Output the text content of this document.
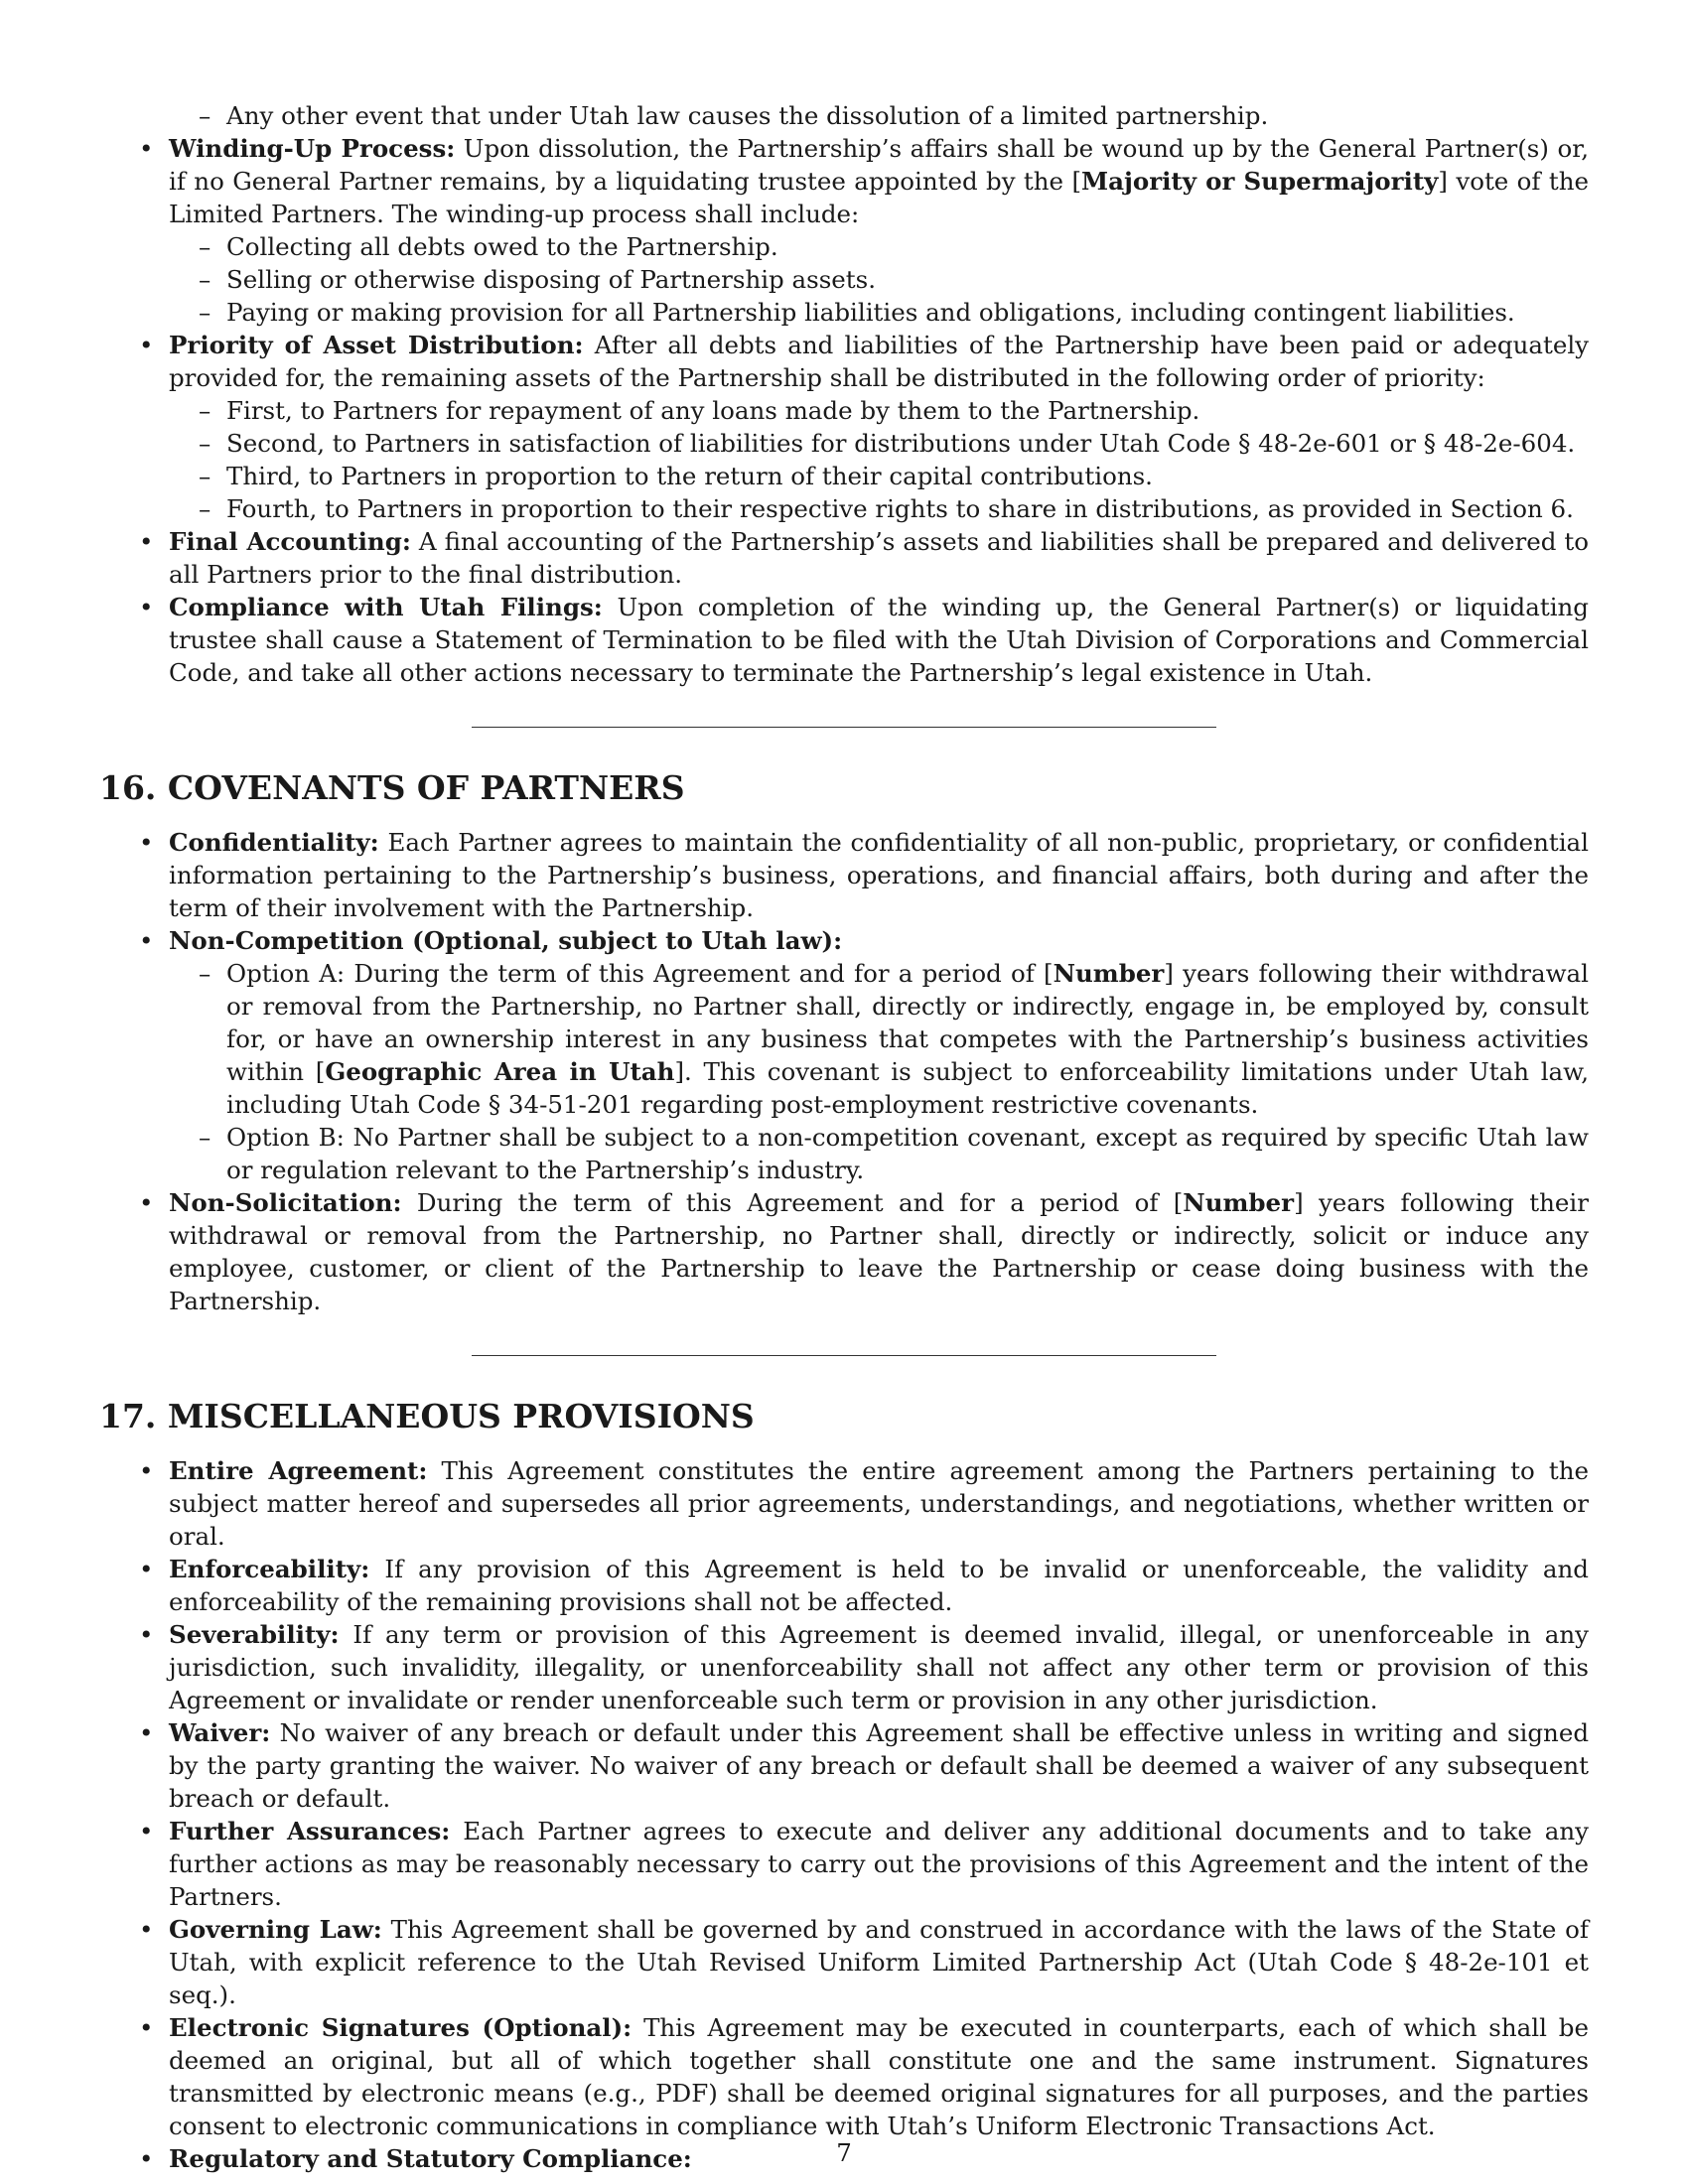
– Any other event that under Utah law causes the dissolution of a limited partnership.
• Winding-Up Process: Upon dissolution, the Partnership’s affairs shall be wound up by the General Partner(s) or, if no General Partner remains, by a liquidating trustee appointed by the [Majority or Supermajority] vote of the Limited Partners. The winding-up process shall include:
– Collecting all debts owed to the Partnership.
– Selling or otherwise disposing of Partnership assets.
– Paying or making provision for all Partnership liabilities and obligations, including contingent liabilities.
• Priority of Asset Distribution: After all debts and liabilities of the Partnership have been paid or adequately provided for, the remaining assets of the Partnership shall be distributed in the following order of priority:
– First, to Partners for repayment of any loans made by them to the Partnership.
– Second, to Partners in satisfaction of liabilities for distributions under Utah Code § 48-2e-601 or § 48-2e-604.
– Third, to Partners in proportion to the return of their capital contributions.
– Fourth, to Partners in proportion to their respective rights to share in distributions, as provided in Section 6.
• Final Accounting: A final accounting of the Partnership’s assets and liabilities shall be prepared and delivered to all Partners prior to the final distribution.
• Compliance with Utah Filings: Upon completion of the winding up, the General Partner(s) or liquidating trustee shall cause a Statement of Termination to be filed with the Utah Division of Corporations and Commercial Code, and take all other actions necessary to terminate the Partnership’s legal existence in Utah.
16. COVENANTS OF PARTNERS
• Confidentiality: Each Partner agrees to maintain the confidentiality of all non-public, proprietary, or confidential information pertaining to the Partnership’s business, operations, and financial affairs, both during and after the term of their involvement with the Partnership.
• Non-Competition (Optional, subject to Utah law):
– Option A: During the term of this Agreement and for a period of [Number] years following their withdrawal or removal from the Partnership, no Partner shall, directly or indirectly, engage in, be employed by, consult for, or have an ownership interest in any business that competes with the Partnership’s business activities within [Geographic Area in Utah]. This covenant is subject to enforceability limitations under Utah law, including Utah Code § 34-51-201 regarding post-employment restrictive covenants.
– Option B: No Partner shall be subject to a non-competition covenant, except as required by specific Utah law or regulation relevant to the Partnership’s industry.
• Non-Solicitation: During the term of this Agreement and for a period of [Number] years following their withdrawal or removal from the Partnership, no Partner shall, directly or indirectly, solicit or induce any employee, customer, or client of the Partnership to leave the Partnership or cease doing business with the Partnership.
17. MISCELLANEOUS PROVISIONS
• Entire Agreement: This Agreement constitutes the entire agreement among the Partners pertaining to the subject matter hereof and supersedes all prior agreements, understandings, and negotiations, whether written or oral.
• Enforceability: If any provision of this Agreement is held to be invalid or unenforceable, the validity and enforceability of the remaining provisions shall not be affected.
• Severability: If any term or provision of this Agreement is deemed invalid, illegal, or unenforceable in any jurisdiction, such invalidity, illegality, or unenforceability shall not affect any other term or provision of this Agreement or invalidate or render unenforceable such term or provision in any other jurisdiction.
• Waiver: No waiver of any breach or default under this Agreement shall be effective unless in writing and signed by the party granting the waiver. No waiver of any breach or default shall be deemed a waiver of any subsequent breach or default.
• Further Assurances: Each Partner agrees to execute and deliver any additional documents and to take any further actions as may be reasonably necessary to carry out the provisions of this Agreement and the intent of the Partners.
• Governing Law: This Agreement shall be governed by and construed in accordance with the laws of the State of Utah, with explicit reference to the Utah Revised Uniform Limited Partnership Act (Utah Code § 48-2e-101 et seq.).
• Electronic Signatures (Optional): This Agreement may be executed in counterparts, each of which shall be deemed an original, but all of which together shall constitute one and the same instrument. Signatures transmitted by electronic means (e.g., PDF) shall be deemed original signatures for all purposes, and the parties consent to electronic communications in compliance with Utah’s Uniform Electronic Transactions Act.
• Regulatory and Statutory Compliance:	7
